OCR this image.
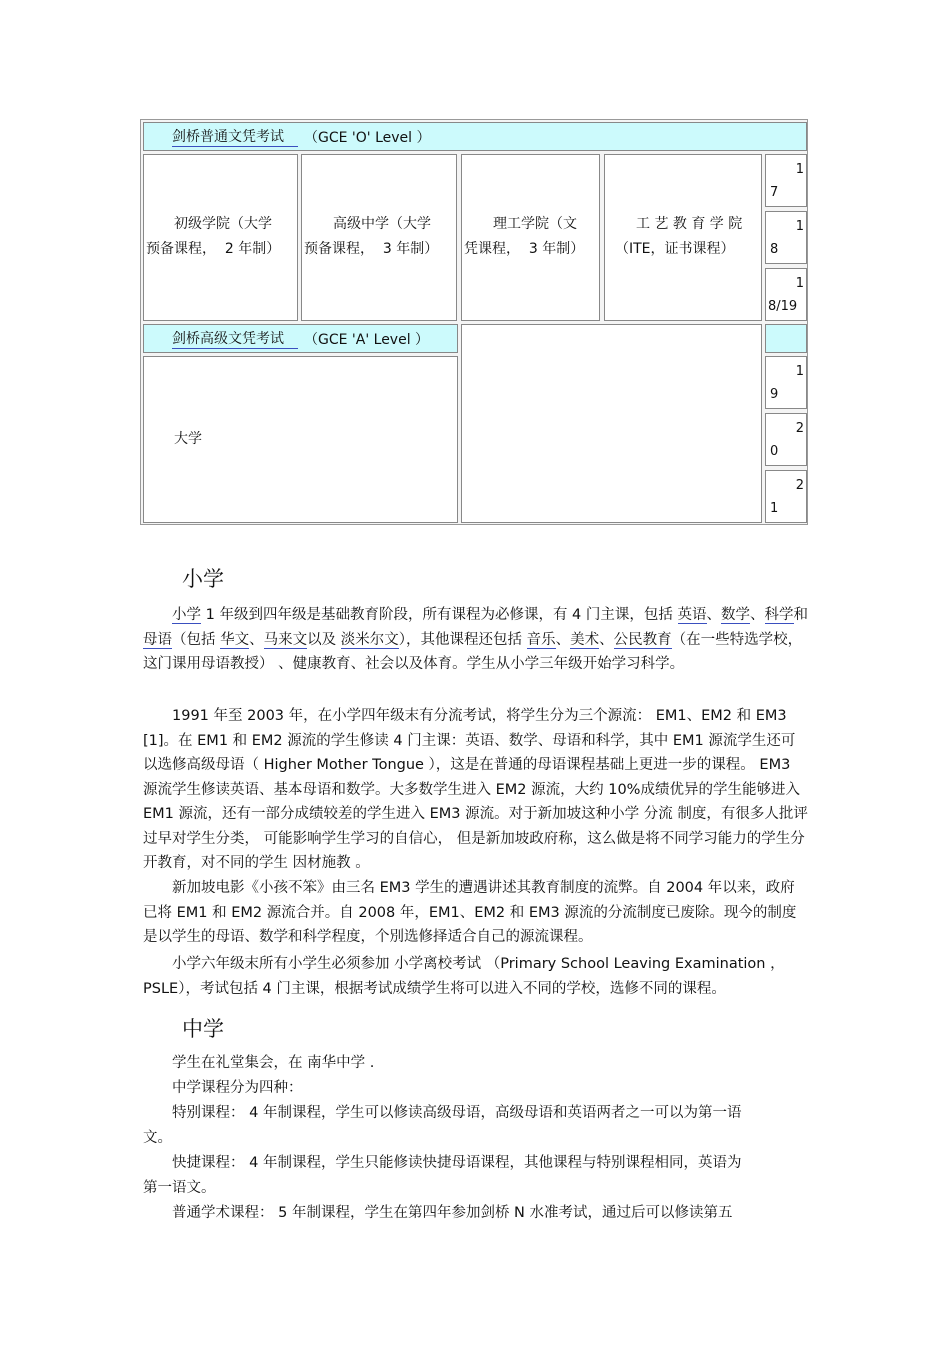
剑桥普通文凭考试	（GCE 'O' Level ）
初级学院（大学
预备课程，  2 年制）
高级中学（大学
预备课程，  3 年制）
理工学院（文
凭课程，  3 年制）
工 艺 教 育 学 院
（ITE，证书课程）
1
7
1
8
1
8/19
剑桥高级文凭考试	（GCE 'A' Level ）
大学
1
9
2
0
2
1
小学

小学 1 年级到四年级是基础教育阶段，所有课程为必修课，有 4 门主课，包括 英语、数学、科学和母语（包括 华文、马来文以及 淡米尔文），其他课程还包括 音乐、美术、公民教育（在一些特选学校，这门课用母语教授） 、健康教育、社会以及体育。学生从小学三年级开始学习科学。

1991 年至 2003 年，在小学四年级末有分流考试，将学生分为三个源流： EM1、EM2 和 EM3 [1]。在 EM1 和 EM2 源流的学生修读 4 门主课：英语、数学、母语和科学，其中 EM1 源流学生还可以选修高级母语（ Higher Mother Tongue ），这是在普通的母语课程基础上更进一步的课程。 EM3 源流学生修读英语、基本母语和数学。大多数学生进入 EM2 源流，大约 10%成绩优异的学生能够进入 EM1 源流，还有一部分成绩较差的学生进入 EM3 源流。对于新加坡这种小学 分流 制度，有很多人批评过早对学生分类， 可能影响学生学习的自信心， 但是新加坡政府称，这么做是将不同学习能力的学生分开教育，对不同的学生 因材施教 。

新加坡电影《小孩不笨》由三名 EM3 学生的遭遇讲述其教育制度的流弊。自 2004 年以来，政府已将 EM1 和 EM2 源流合并。自 2008 年，EM1、EM2 和 EM3 源流的分流制度已废除。现今的制度是以学生的母语、数学和科学程度，个別选修择适合自己的源流课程。

小学六年级末所有小学生必须参加 小学离校考试 （Primary School Leaving Examination ，PSLE），考试包括 4 门主课，根据考试成绩学生将可以进入不同的学校，选修不同的课程。

中学

学生在礼堂集会，在 南华中学 .

中学课程分为四种：

特别课程： 4 年制课程，学生可以修读高级母语，高级母语和英语两者之一可以为第一语文。

快捷课程： 4 年制课程，学生只能修读快捷母语课程，其他课程与特别课程相同，英语为第一语文。

普通学术课程： 5 年制课程，学生在第四年参加剑桥 N 水准考试，通过后可以修读第五
